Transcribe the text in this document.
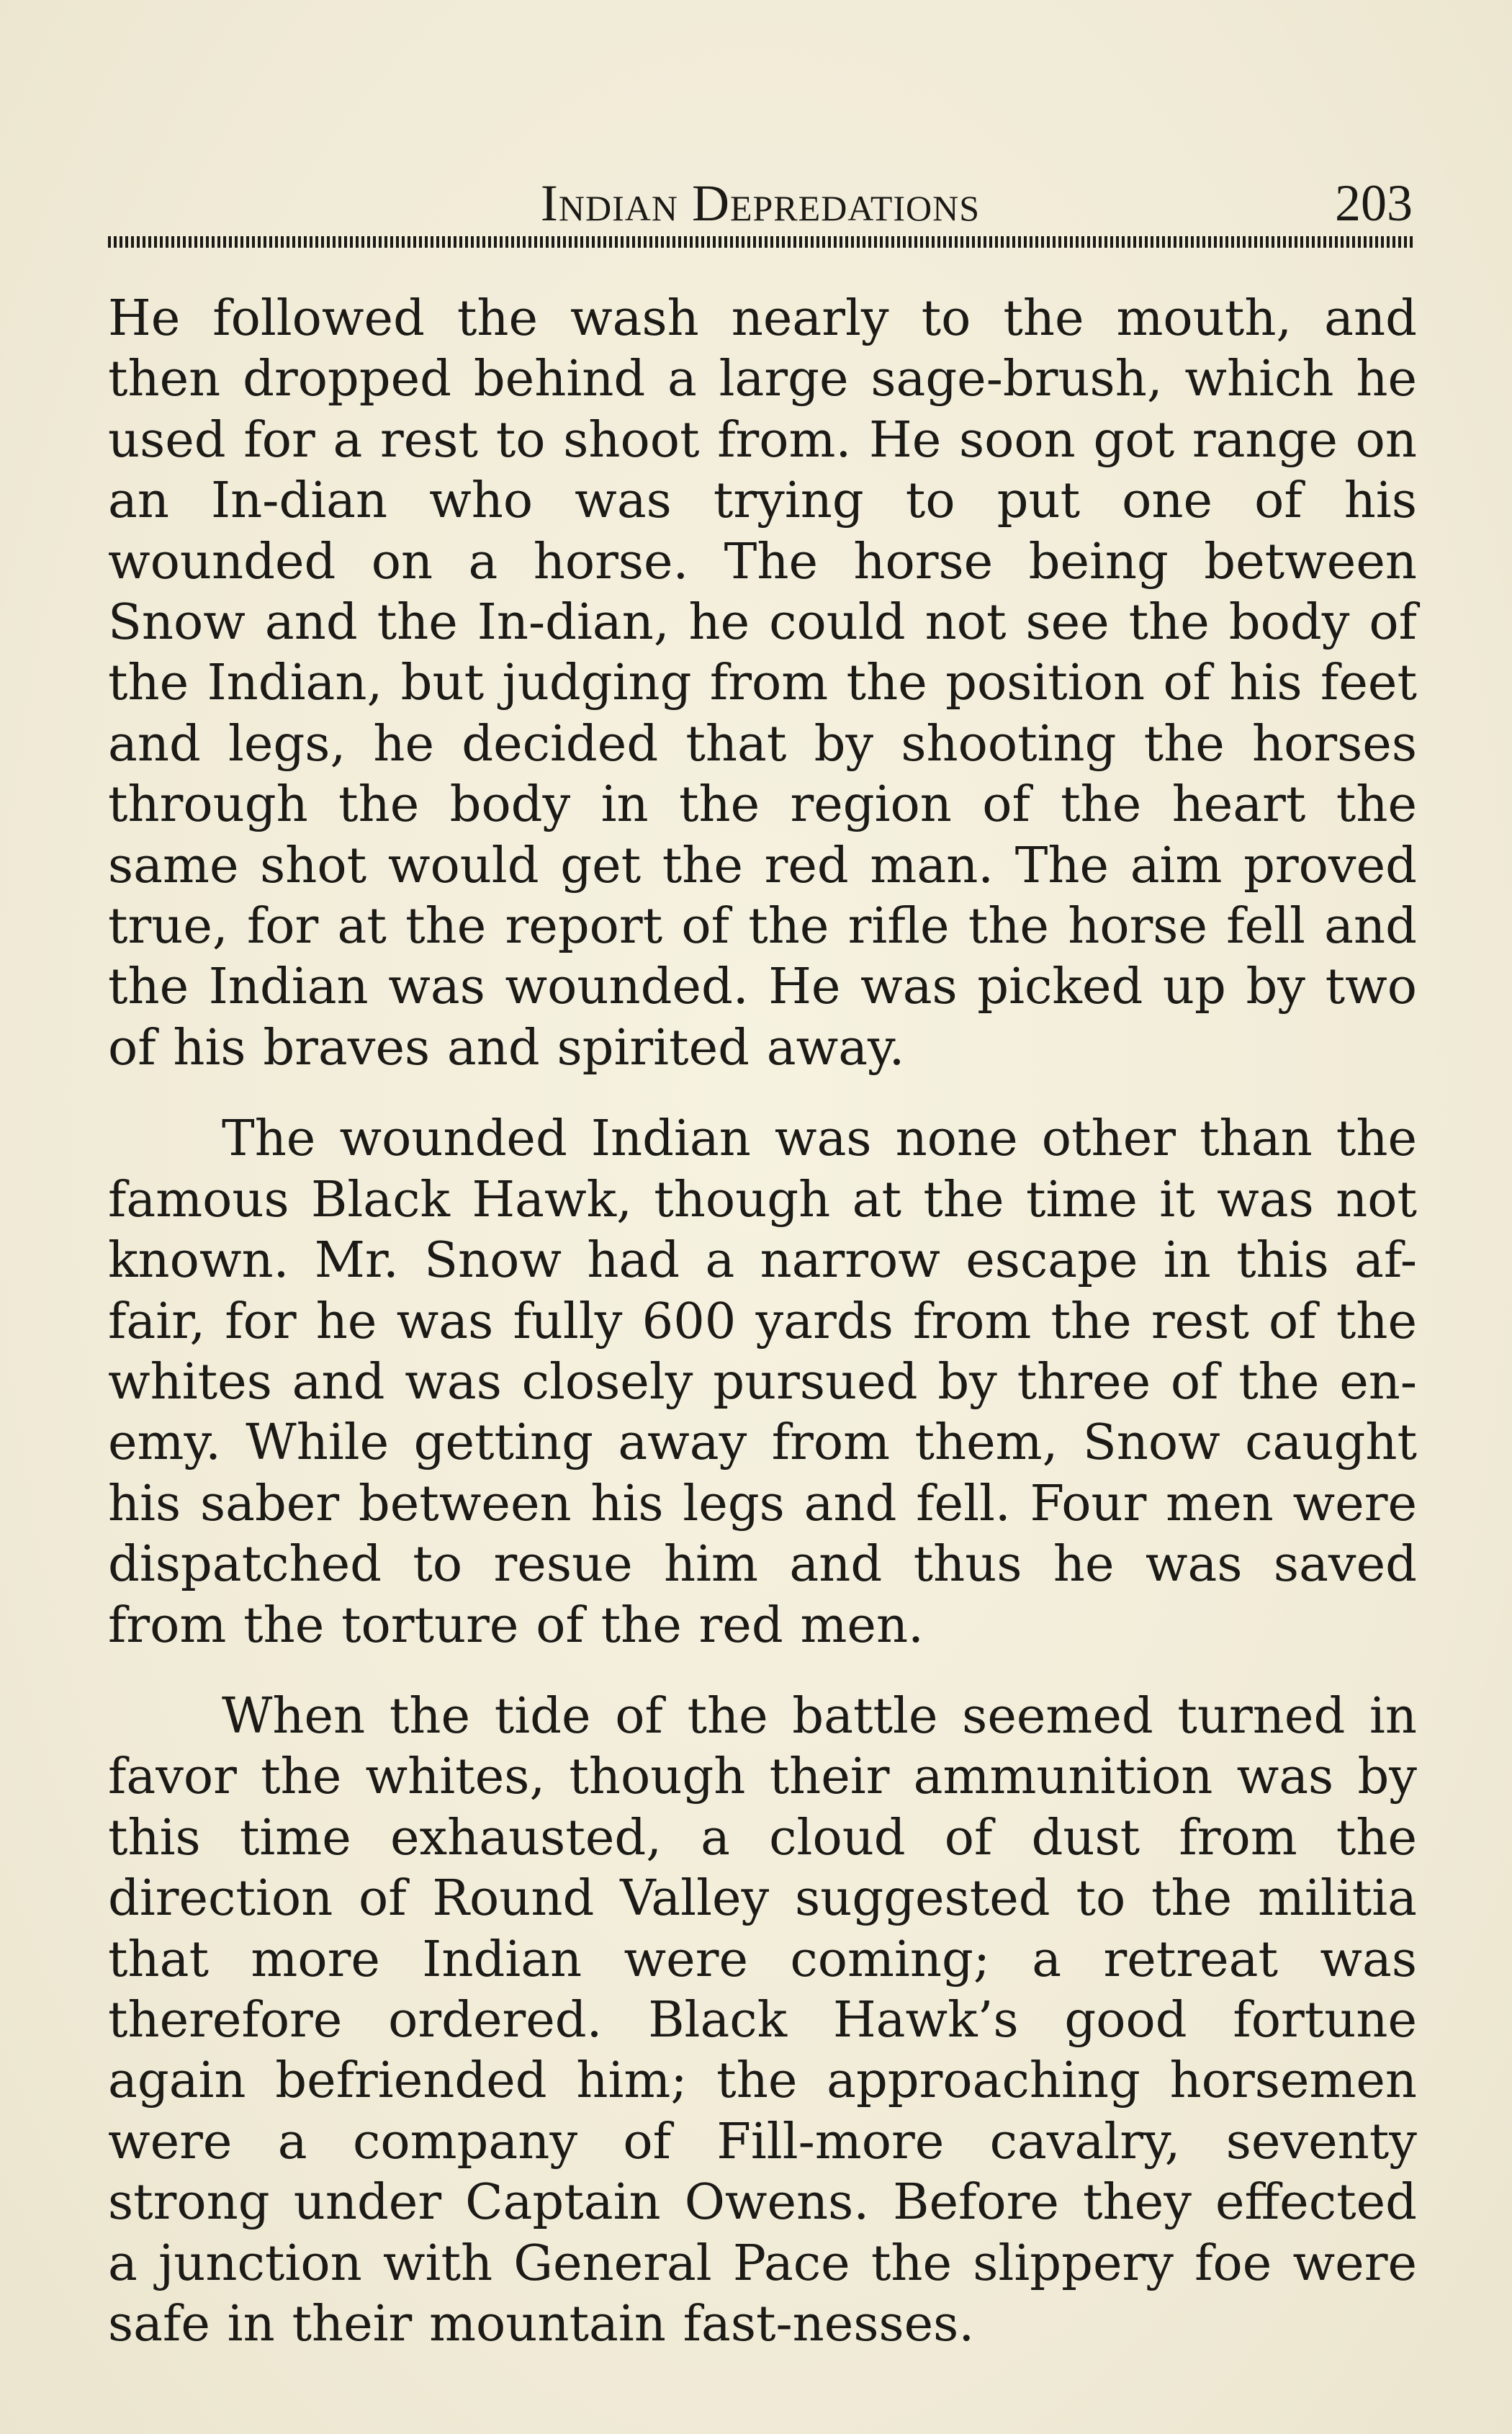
Indian Depredations	203

He followed the wash nearly to the mouth, and then dropped behind a large sage-brush, which he used for a rest to shoot from. He soon got range on an In-dian who was trying to put one of his wounded on a horse. The horse being between Snow and the In-dian, he could not see the body of the Indian, but judging from the position of his feet and legs, he decided that by shooting the horses through the body in the region of the heart the same shot would get the red man. The aim proved true, for at the report of the rifle the horse fell and the Indian was wounded. He was picked up by two of his braves and spirited away.

The wounded Indian was none other than the famous Black Hawk, though at the time it was not known. Mr. Snow had a narrow escape in this af-fair, for he was fully 600 yards from the rest of the whites and was closely pursued by three of the en-emy. While getting away from them, Snow caught his saber between his legs and fell. Four men were dispatched to resue him and thus he was saved from the torture of the red men.

When the tide of the battle seemed turned in favor the whites, though their ammunition was by this time exhausted, a cloud of dust from the direction of Round Valley suggested to the militia that more Indian were coming; a retreat was therefore ordered. Black Hawk’s good fortune again befriended him; the approaching horsemen were a company of Fill-more cavalry, seventy strong under Captain Owens. Before they effected a junction with General Pace the slippery foe were safe in their mountain fast-nesses.
